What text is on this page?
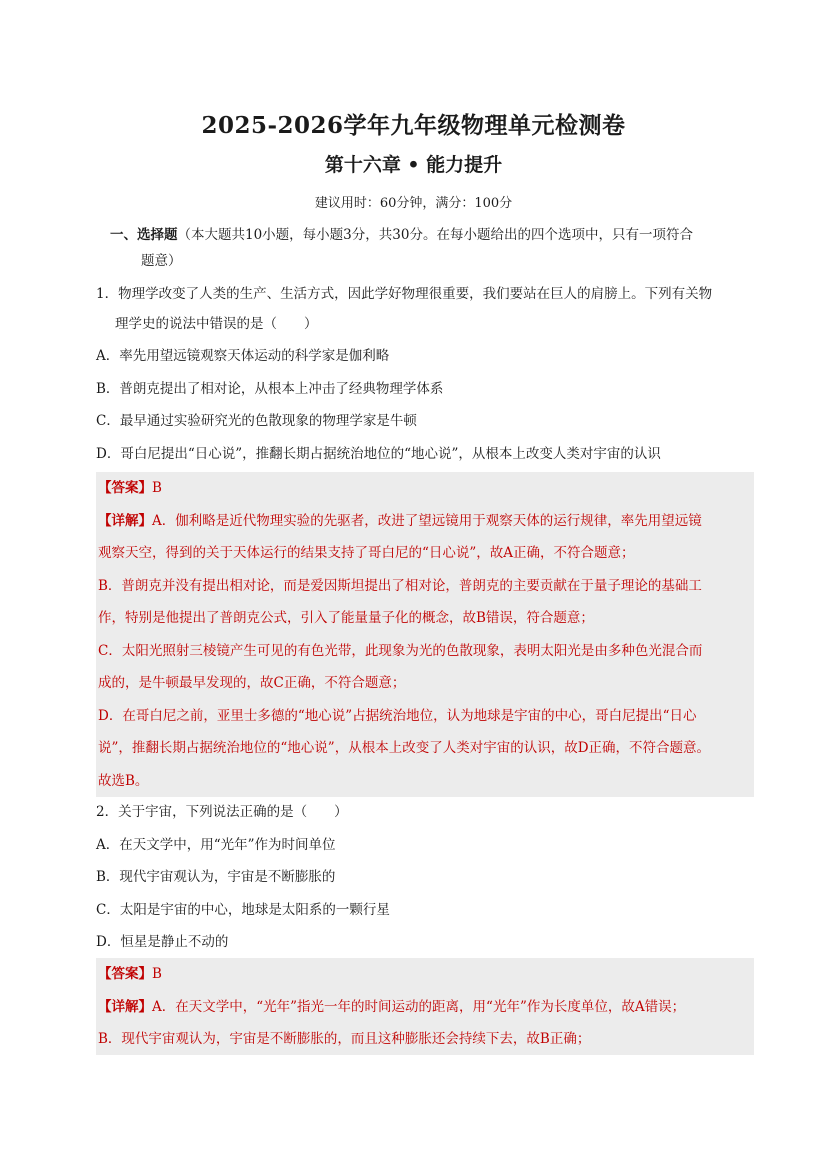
2025-2026学年九年级物理单元检测卷
第十六章 • 能力提升
建议用时：60分钟，满分：100分
一、选择题（本大题共10小题，每小题3分，共30分。在每小题给出的四个选项中，只有一项符合
题意）
1．物理学改变了人类的生产、生活方式，因此学好物理很重要，我们要站在巨人的肩膀上。下列有关物
理学史的说法中错误的是（　　）
A．率先用望远镜观察天体运动的科学家是伽利略
B．普朗克提出了相对论，从根本上冲击了经典物理学体系
C．最早通过实验研究光的色散现象的物理学家是牛顿
D．哥白尼提出“日心说”，推翻长期占据统治地位的“地心说”，从根本上改变人类对宇宙的认识
【答案】B
【详解】A．伽利略是近代物理实验的先驱者，改进了望远镜用于观察天体的运行规律，率先用望远镜
观察天空，得到的关于天体运行的结果支持了哥白尼的“日心说”，故A正确，不符合题意；
B．普朗克并没有提出相对论，而是爱因斯坦提出了相对论，普朗克的主要贡献在于量子理论的基础工
作，特别是他提出了普朗克公式，引入了能量量子化的概念，故B错误，符合题意；
C．太阳光照射三棱镜产生可见的有色光带，此现象为光的色散现象，表明太阳光是由多种色光混合而
成的，是牛顿最早发现的，故C正确，不符合题意；
D．在哥白尼之前，亚里士多德的“地心说”占据统治地位，认为地球是宇宙的中心，哥白尼提出“日心
说”，推翻长期占据统治地位的“地心说”，从根本上改变了人类对宇宙的认识，故D正确，不符合题意。
故选B。
2．关于宇宙，下列说法正确的是（　　）
A．在天文学中，用“光年”作为时间单位
B．现代宇宙观认为，宇宙是不断膨胀的
C．太阳是宇宙的中心，地球是太阳系的一颗行星
D．恒星是静止不动的
【答案】B
【详解】A．在天文学中，“光年”指光一年的时间运动的距离，用“光年”作为长度单位，故A错误；
B．现代宇宙观认为，宇宙是不断膨胀的，而且这种膨胀还会持续下去，故B正确；
